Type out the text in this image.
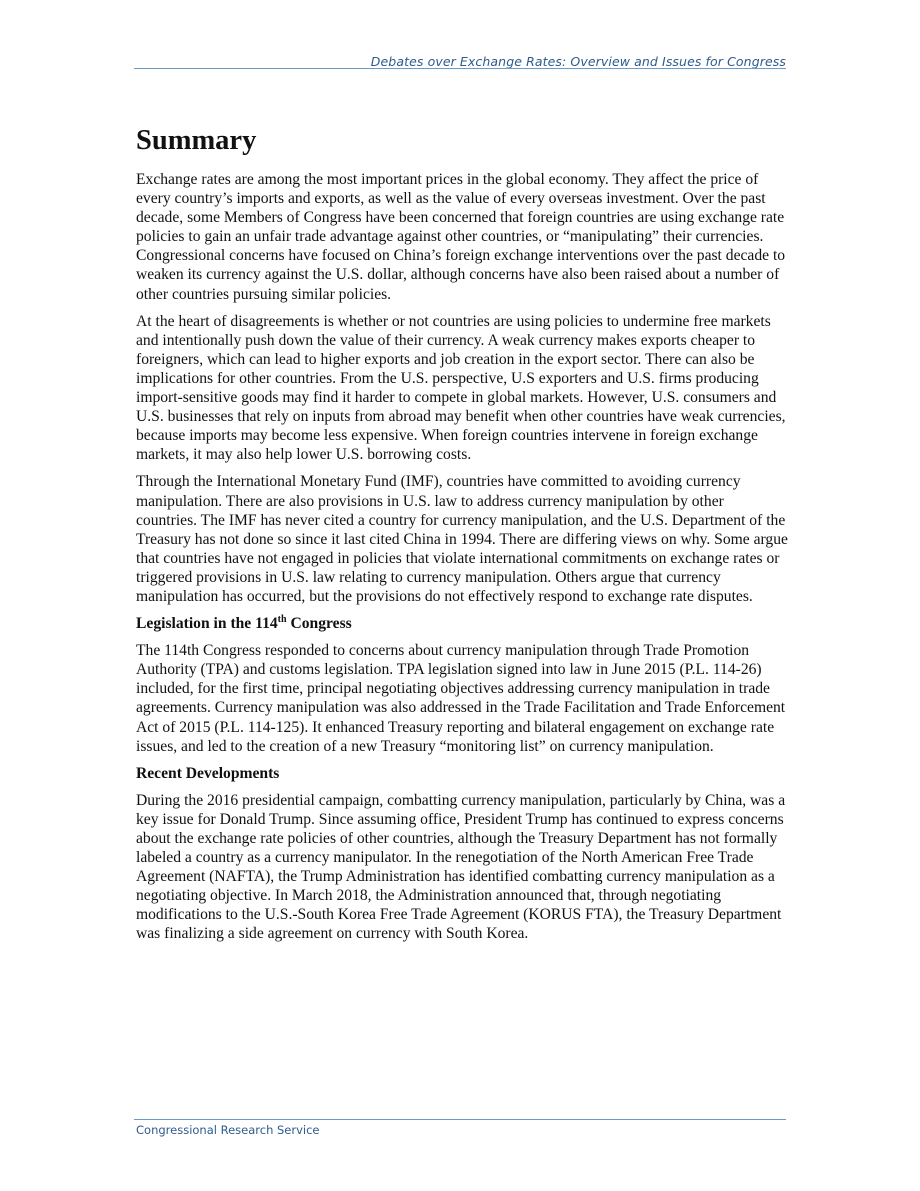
Debates over Exchange Rates: Overview and Issues for Congress
Summary

Exchange rates are among the most important prices in the global economy. They affect the price of every country’s imports and exports, as well as the value of every overseas investment. Over the past decade, some Members of Congress have been concerned that foreign countries are using exchange rate policies to gain an unfair trade advantage against other countries, or “manipulating” their currencies. Congressional concerns have focused on China’s foreign exchange interventions over the past decade to weaken its currency against the U.S. dollar, although concerns have also been raised about a number of other countries pursuing similar policies.

At the heart of disagreements is whether or not countries are using policies to undermine free markets and intentionally push down the value of their currency. A weak currency makes exports cheaper to foreigners, which can lead to higher exports and job creation in the export sector. There can also be implications for other countries. From the U.S. perspective, U.S exporters and U.S. firms producing import-sensitive goods may find it harder to compete in global markets. However, U.S. consumers and U.S. businesses that rely on inputs from abroad may benefit when other countries have weak currencies, because imports may become less expensive. When foreign countries intervene in foreign exchange markets, it may also help lower U.S. borrowing costs.

Through the International Monetary Fund (IMF), countries have committed to avoiding currency manipulation. There are also provisions in U.S. law to address currency manipulation by other countries. The IMF has never cited a country for currency manipulation, and the U.S. Department of the Treasury has not done so since it last cited China in 1994. There are differing views on why. Some argue that countries have not engaged in policies that violate international commitments on exchange rates or triggered provisions in U.S. law relating to currency manipulation. Others argue that currency manipulation has occurred, but the provisions do not effectively respond to exchange rate disputes.

Legislation in the 114th Congress

The 114th Congress responded to concerns about currency manipulation through Trade Promotion Authority (TPA) and customs legislation. TPA legislation signed into law in June 2015 (P.L. 114-26) included, for the first time, principal negotiating objectives addressing currency manipulation in trade agreements. Currency manipulation was also addressed in the Trade Facilitation and Trade Enforcement Act of 2015 (P.L. 114-125). It enhanced Treasury reporting and bilateral engagement on exchange rate issues, and led to the creation of a new Treasury “monitoring list” on currency manipulation.

Recent Developments

During the 2016 presidential campaign, combatting currency manipulation, particularly by China, was a key issue for Donald Trump. Since assuming office, President Trump has continued to express concerns about the exchange rate policies of other countries, although the Treasury Department has not formally labeled a country as a currency manipulator. In the renegotiation of the North American Free Trade Agreement (NAFTA), the Trump Administration has identified combatting currency manipulation as a negotiating objective. In March 2018, the Administration announced that, through negotiating modifications to the U.S.-South Korea Free Trade Agreement (KORUS FTA), the Treasury Department was finalizing a side agreement on currency with South Korea.

Congressional Research Service
